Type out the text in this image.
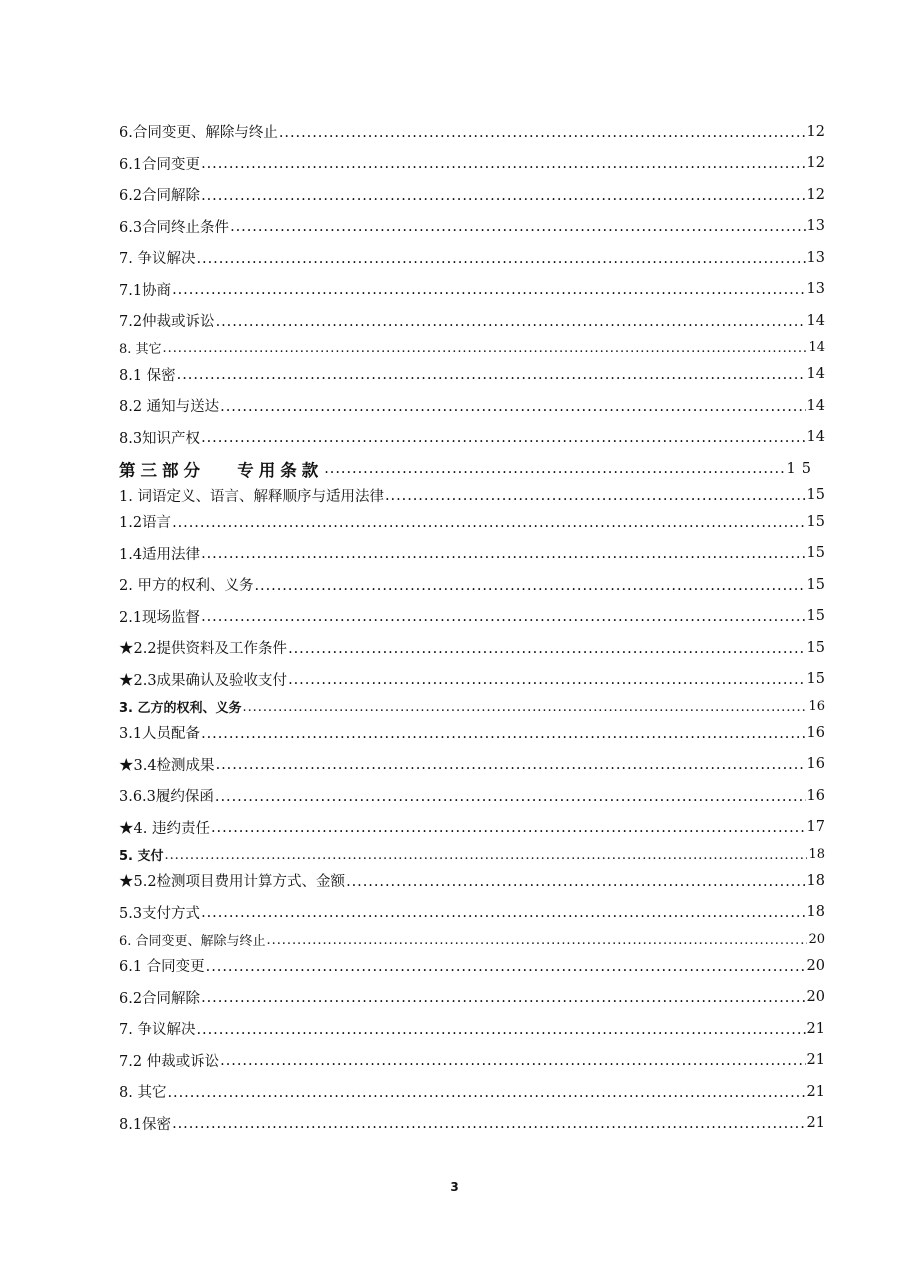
6.合同变更、解除与终止 .....	12
6.1合同变更 .....	12
6.2合同解除 .....	12
6.3合同终止条件 .....	13
7. 争议解决 .....	13
7.1协商 .....	13
7.2仲裁或诉讼 .....	14
8. 其它 .....	14
8.1 保密 .....	14
8.2 通知与送达 .....	14
8.3知识产权 .....	14
第三部分　 专用条款 .....	15
1. 词语定义、语言、解释顺序与适用法律 .....	15
1.2语言 .....	15
1.4适用法律 .....	15
2. 甲方的权利、义务 .....	15
2.1现场监督 .....	15
★2.2提供资料及工作条件 .....	15
★2.3成果确认及验收支付 .....	15
3. 乙方的权利、义务 .....	16
3.1人员配备 .....	16
★3.4检测成果 .....	16
3.6.3履约保函 .....	16
★4. 违约责任 .....	17
5. 支付 .....	18
★5.2检测项目费用计算方式、金额 .....	18
5.3支付方式 .....	18
6. 合同变更、解除与终止 .....	20
6.1 合同变更 .....	20
6.2合同解除 .....	20
7. 争议解决 .....	21
7.2 仲裁或诉讼 .....	21
8. 其它 .....	21
8.1保密 .....	21
3
